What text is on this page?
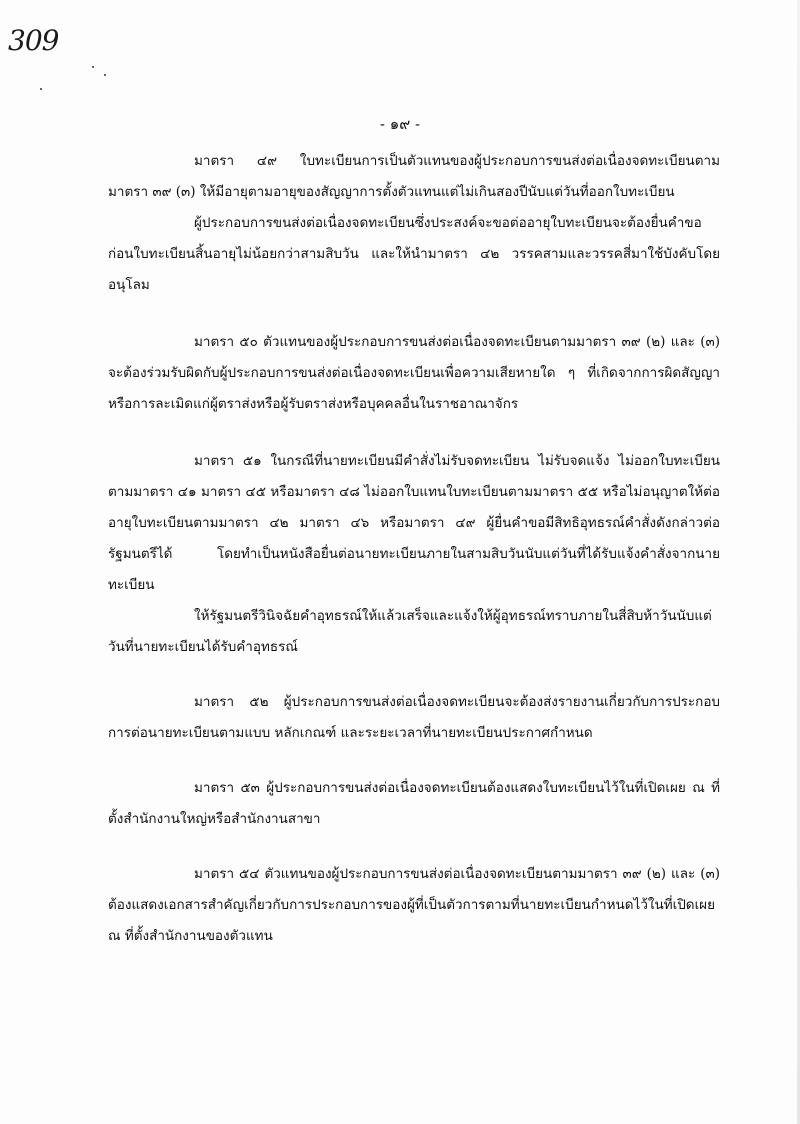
309
- ๑๙ -

มาตรา ๔๙ ใบทะเบียนการเป็นตัวแทนของผู้ประกอบการขนส่งต่อเนื่องจดทะเบียนตามมาตรา ๓๙ (๓) ให้มีอายุตามอายุของสัญญาการตั้งตัวแทนแต่ไม่เกินสองปีนับแต่วันที่ออกใบทะเบียน

ผู้ประกอบการขนส่งต่อเนื่องจดทะเบียนซึ่งประสงค์จะขอต่ออายุใบทะเบียนจะต้องยื่นคำขอก่อนใบทะเบียนสิ้นอายุไม่น้อยกว่าสามสิบวัน และให้นำมาตรา ๔๒ วรรคสามและวรรคสี่มาใช้บังคับโดยอนุโลม

มาตรา ๕๐ ตัวแทนของผู้ประกอบการขนส่งต่อเนื่องจดทะเบียนตามมาตรา ๓๙ (๒) และ (๓) จะต้องร่วมรับผิดกับผู้ประกอบการขนส่งต่อเนื่องจดทะเบียนเพื่อความเสียหายใด ๆ ที่เกิดจากการผิดสัญญาหรือการละเมิดแก่ผู้ตราส่งหรือผู้รับตราส่งหรือบุคคลอื่นในราชอาณาจักร

มาตรา ๕๑ ในกรณีที่นายทะเบียนมีคำสั่งไม่รับจดทะเบียน ไม่รับจดแจ้ง ไม่ออกใบทะเบียนตามมาตรา ๔๑ มาตรา ๔๕ หรือมาตรา ๔๘ ไม่ออกใบแทนใบทะเบียนตามมาตรา ๕๕ หรือไม่อนุญาตให้ต่ออายุใบทะเบียนตามมาตรา ๔๒ มาตรา ๔๖ หรือมาตรา ๔๙ ผู้ยื่นคำขอมีสิทธิอุทธรณ์คำสั่งดังกล่าวต่อรัฐมนตรีได้ โดยทำเป็นหนังสือยื่นต่อนายทะเบียนภายในสามสิบวันนับแต่วันที่ได้รับแจ้งคำสั่งจากนายทะเบียน

ให้รัฐมนตรีวินิจฉัยคำอุทธรณ์ให้แล้วเสร็จและแจ้งให้ผู้อุทธรณ์ทราบภายในสี่สิบห้าวันนับแต่วันที่นายทะเบียนได้รับคำอุทธรณ์

มาตรา ๕๒ ผู้ประกอบการขนส่งต่อเนื่องจดทะเบียนจะต้องส่งรายงานเกี่ยวกับการประกอบการต่อนายทะเบียนตามแบบ หลักเกณฑ์ และระยะเวลาที่นายทะเบียนประกาศกำหนด

มาตรา ๕๓ ผู้ประกอบการขนส่งต่อเนื่องจดทะเบียนต้องแสดงใบทะเบียนไว้ในที่เปิดเผย ณ ที่ตั้งสำนักงานใหญ่หรือสำนักงานสาขา

มาตรา ๕๔ ตัวแทนของผู้ประกอบการขนส่งต่อเนื่องจดทะเบียนตามมาตรา ๓๙ (๒) และ (๓) ต้องแสดงเอกสารสำคัญเกี่ยวกับการประกอบการของผู้ที่เป็นตัวการตามที่นายทะเบียนกำหนดไว้ในที่เปิดเผย ณ ที่ตั้งสำนักงานของตัวแทน
